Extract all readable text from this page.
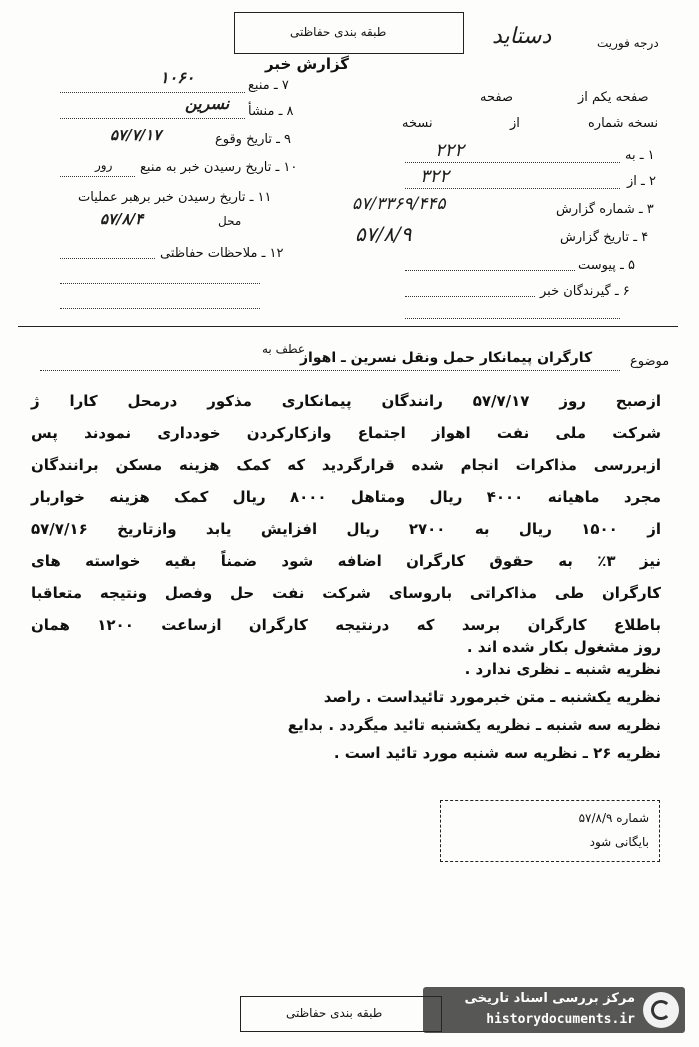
طبقه بندی حفاظتی
گزارش خبر
درجه فوریت
دستاید
۷ ـ منبع
۱۰۶۰
۸ ـ منشأ
نسرین
۹ ـ تاریخ وقوع
۵۷/۷/۱۷
۱۰ ـ تاریخ رسیدن خبر به منبع
رور
۱۱ ـ تاریخ رسیدن خبر برهبر عملیات
۵۷/۸/۴	محل
۱۲ ـ ملاحظات حفاظتی
صفحه یکم از
صفحه
نسخه شماره
از
نسخه
۱ ـ به
۲۲۲
۲ ـ از
۳۲۲
۳ ـ شماره گزارش
۵۷/۳۳۶۹/۴۴۵
۴ ـ تاریخ گزارش
۵۷/۸/۹
۵ ـ پیوست
۶ ـ گیرندگان خبر
موضوع
کارگران پیمانکار حمل ونقل نسرین ـ اهواز
عطف به
ازصبح روز ۵۷/۷/۱۷ رانندگان پیمانکاری مذکور درمحل کارا ژ
شرکت ملی نفت اهواز اجتماع وازکارکردن خودداری نمودند پس
ازبررسی مذاکرات انجام شده قرارگردید که کمک هزینه مسکن برانندگان
مجرد ماهیانه ۴۰۰۰ ریال ومتاهل ۸۰۰۰ ریال کمک هزینه خواربار
از ۱۵۰۰ ریال به ۲۷۰۰ ریال افزایش یابد وازتاریخ ۵۷/۷/۱۶
نیز ۳٪ به حقوق کارگران اضافه شود ضمناً بقیه خواسته های
کارگران طی مذاکراتی باروسای شرکت نفت حل وفصل ونتیجه متعاقبا
باطلاع کارگران برسد که درنتیجه کارگران ازساعت ۱۲۰۰ همان
روز مشغول بکار شده اند .
نظریه شنبه ـ نظری ندارد .
نظریه یکشنبه ـ متن خبرمورد تائیداست . راصد
نظریه سه شنبه ـ نظریه یکشنبه تائید میگردد . بدایع
نظریه ۲۶ ـ نظریه سه شنبه مورد تائید است .
شماره ۵۷/۸/۹
بایگانی شود
طبقه بندی حفاظتی
مرکز بررسی اسناد تاریخی
historydocuments.ir
